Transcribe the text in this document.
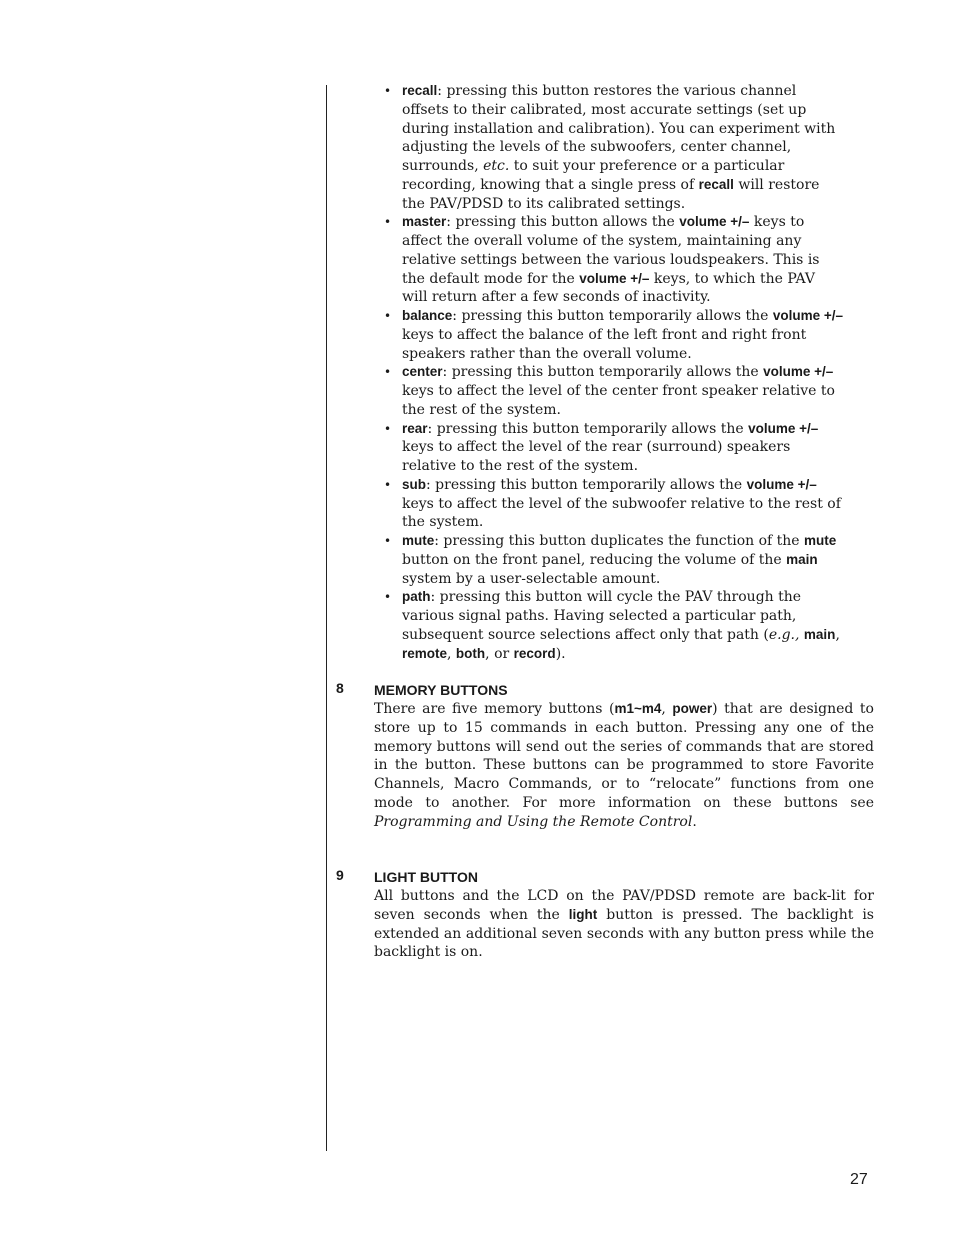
• recall: pressing this button restores the various channel offsets to their calibrated, most accurate settings (set up during installation and calibration). You can experiment with adjusting the levels of the subwoofers, center channel, surrounds, etc. to suit your preference or a particular recording, knowing that a single press of recall will restore the PAV/PDSD to its calibrated settings.
• master: pressing this button allows the volume +/– keys to affect the overall volume of the system, maintaining any relative settings between the various loudspeakers. This is the default mode for the volume +/– keys, to which the PAV will return after a few seconds of inactivity.
• balance: pressing this button temporarily allows the volume +/– keys to affect the balance of the left front and right front speakers rather than the overall volume.
• center: pressing this button temporarily allows the volume +/– keys to affect the level of the center front speaker relative to the rest of the system.
• rear: pressing this button temporarily allows the volume +/– keys to affect the level of the rear (surround) speakers relative to the rest of the system.
• sub: pressing this button temporarily allows the volume +/– keys to affect the level of the subwoofer relative to the rest of the system.
• mute: pressing this button duplicates the function of the mute button on the front panel, reducing the volume of the main system by a user-selectable amount.
• path: pressing this button will cycle the PAV through the various signal paths. Having selected a particular path, subsequent source selections affect only that path (e.g., main, remote, both, or record).
8 MEMORY BUTTONS
There are five memory buttons (m1~m4, power) that are designed to store up to 15 commands in each button. Pressing any one of the memory buttons will send out the series of commands that are stored in the button. These buttons can be programmed to store Favorite Channels, Macro Commands, or to “relocate” functions from one mode to another. For more information on these buttons see Programming and Using the Remote Control.
9 LIGHT BUTTON
All buttons and the LCD on the PAV/PDSD remote are back-lit for seven seconds when the light button is pressed. The backlight is extended an additional seven seconds with any button press while the backlight is on.
27
